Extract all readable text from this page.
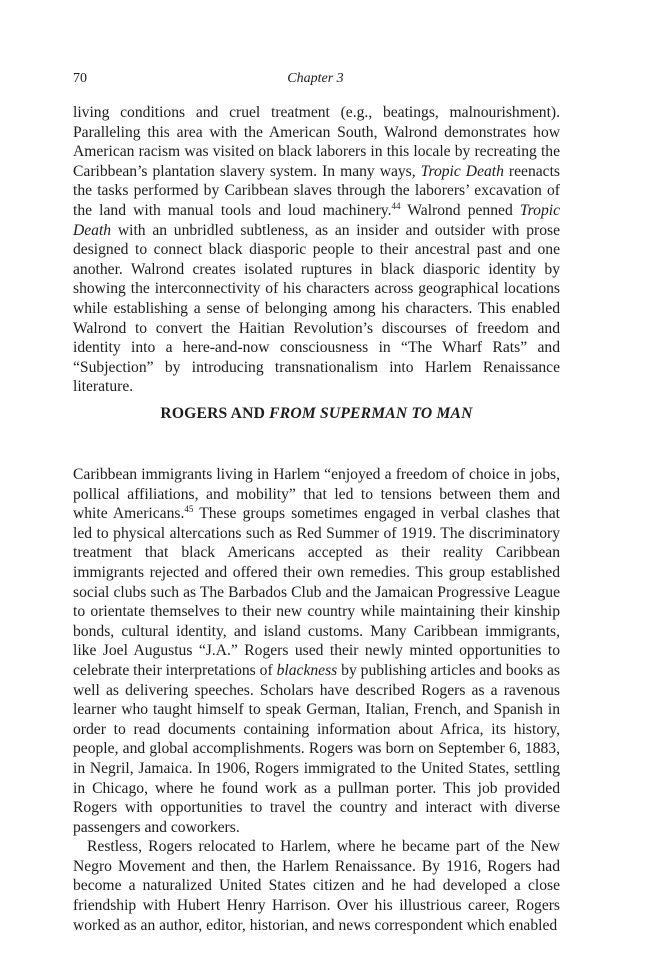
70	Chapter 3

living conditions and cruel treatment (e.g., beatings, malnourishment). Paralleling this area with the American South, Walrond demonstrates how American racism was visited on black laborers in this locale by recreating the Caribbean’s plantation slavery system. In many ways, Tropic Death reenacts the tasks performed by Caribbean slaves through the laborers’ excavation of the land with manual tools and loud machinery.$^{44}$ Walrond penned Tropic Death with an unbridled subtleness, as an insider and outsider with prose designed to connect black diasporic people to their ancestral past and one another. Walrond creates isolated ruptures in black diasporic identity by showing the interconnectivity of his characters across geographical locations while establishing a sense of belonging among his characters. This enabled Walrond to convert the Haitian Revolution’s discourses of freedom and identity into a here-and-now consciousness in “The Wharf Rats” and “Subjection” by introducing transnationalism into Harlem Renaissance literature.

ROGERS AND FROM SUPERMAN TO MAN

Caribbean immigrants living in Harlem “enjoyed a freedom of choice in jobs, pollical affiliations, and mobility” that led to tensions between them and white Americans.$^{45}$ These groups sometimes engaged in verbal clashes that led to physical altercations such as Red Summer of 1919. The discriminatory treatment that black Americans accepted as their reality Caribbean immigrants rejected and offered their own remedies. This group established social clubs such as The Barbados Club and the Jamaican Progressive League to orientate themselves to their new country while maintaining their kinship bonds, cultural identity, and island customs. Many Caribbean immigrants, like Joel Augustus “J.A.” Rogers used their newly minted opportunities to celebrate their interpretations of blackness by publishing articles and books as well as delivering speeches. Scholars have described Rogers as a ravenous learner who taught himself to speak German, Italian, French, and Spanish in order to read documents containing information about Africa, its history, people, and global accomplishments. Rogers was born on September 6, 1883, in Negril, Jamaica. In 1906, Rogers immigrated to the United States, settling in Chicago, where he found work as a pullman porter. This job provided Rogers with opportunities to travel the country and interact with diverse passengers and coworkers.

Restless, Rogers relocated to Harlem, where he became part of the New Negro Movement and then, the Harlem Renaissance. By 1916, Rogers had become a naturalized United States citizen and he had developed a close friendship with Hubert Henry Harrison. Over his illustrious career, Rogers worked as an author, editor, historian, and news correspondent which enabled
